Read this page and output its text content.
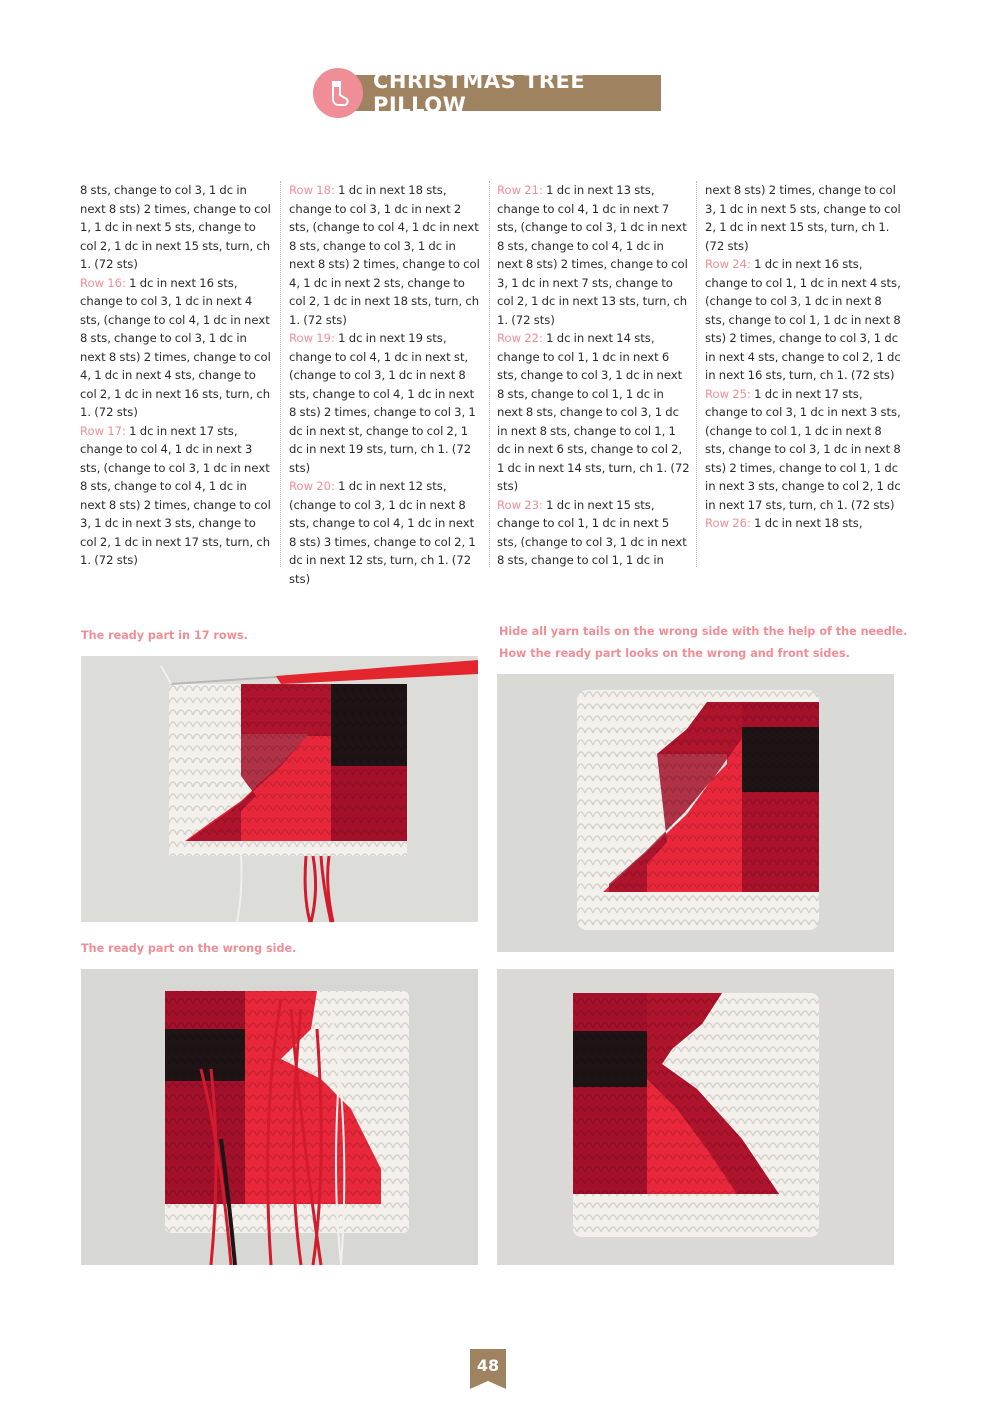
CHRISTMAS TREE PILLOW
8 sts, change to col 3, 1 dc in next 8 sts) 2 times, change to col 1, 1 dc in next 5 sts, change to col 2, 1 dc in next 15 sts, turn, ch 1. (72 sts)
Row 16: 1 dc in next 16 sts, change to col 3, 1 dc in next 4 sts, (change to col 4, 1 dc in next 8 sts, change to col 3, 1 dc in next 8 sts) 2 times, change to col 4, 1 dc in next 4 sts, change to col 2, 1 dc in next 16 sts, turn, ch 1. (72 sts)
Row 17: 1 dc in next 17 sts, change to col 4, 1 dc in next 3 sts, (change to col 3, 1 dc in next 8 sts, change to col 4, 1 dc in next 8 sts) 2 times, change to col 3, 1 dc in next 3 sts, change to col 2, 1 dc in next 17 sts, turn, ch 1. (72 sts)
Row 18: 1 dc in next 18 sts, change to col 3, 1 dc in next 2 sts, (change to col 4, 1 dc in next 8 sts, change to col 3, 1 dc in next 8 sts) 2 times, change to col 4, 1 dc in next 2 sts, change to col 2, 1 dc in next 18 sts, turn, ch 1. (72 sts)
Row 19: 1 dc in next 19 sts, change to col 4, 1 dc in next st, (change to col 3, 1 dc in next 8 sts, change to col 4, 1 dc in next 8 sts) 2 times, change to col 3, 1 dc in next st, change to col 2, 1 dc in next 19 sts, turn, ch 1. (72 sts)
Row 20: 1 dc in next 12 sts, (change to col 3, 1 dc in next 8 sts, change to col 4, 1 dc in next 8 sts) 3 times, change to col 2, 1 dc in next 12 sts, turn, ch 1. (72 sts)
Row 21: 1 dc in next 13 sts, change to col 4, 1 dc in next 7 sts, (change to col 3, 1 dc in next 8 sts, change to col 4, 1 dc in next 8 sts) 2 times, change to col 3, 1 dc in next 7 sts, change to col 2, 1 dc in next 13 sts, turn, ch 1. (72 sts)
Row 22: 1 dc in next 14 sts, change to col 1, 1 dc in next 6 sts, change to col 3, 1 dc in next 8 sts, change to col 1, 1 dc in next 8 sts, change to col 3, 1 dc in next 8 sts, change to col 1, 1 dc in next 6 sts, change to col 2, 1 dc in next 14 sts, turn, ch 1. (72 sts)
Row 23: 1 dc in next 15 sts, change to col 1, 1 dc in next 5 sts, (change to col 3, 1 dc in next 8 sts, change to col 1, 1 dc in
next 8 sts) 2 times, change to col 3, 1 dc in next 5 sts, change to col 2, 1 dc in next 15 sts, turn, ch 1. (72 sts)
Row 24: 1 dc in next 16 sts, change to col 1, 1 dc in next 4 sts, (change to col 3, 1 dc in next 8 sts, change to col 1, 1 dc in next 8 sts) 2 times, change to col 3, 1 dc in next 4 sts, change to col 2, 1 dc in next 16 sts, turn, ch 1. (72 sts)
Row 25: 1 dc in next 17 sts, change to col 3, 1 dc in next 3 sts, (change to col 1, 1 dc in next 8 sts, change to col 3, 1 dc in next 8 sts) 2 times, change to col 1, 1 dc in next 3 sts, change to col 2, 1 dc in next 17 sts, turn, ch 1. (72 sts)
Row 26: 1 dc in next 18 sts,
The ready part in 17 rows.	Hide all yarn tails on the wrong side with the help of the needle.
How the ready part looks on the wrong and front sides.
The ready part on the wrong side.
48
